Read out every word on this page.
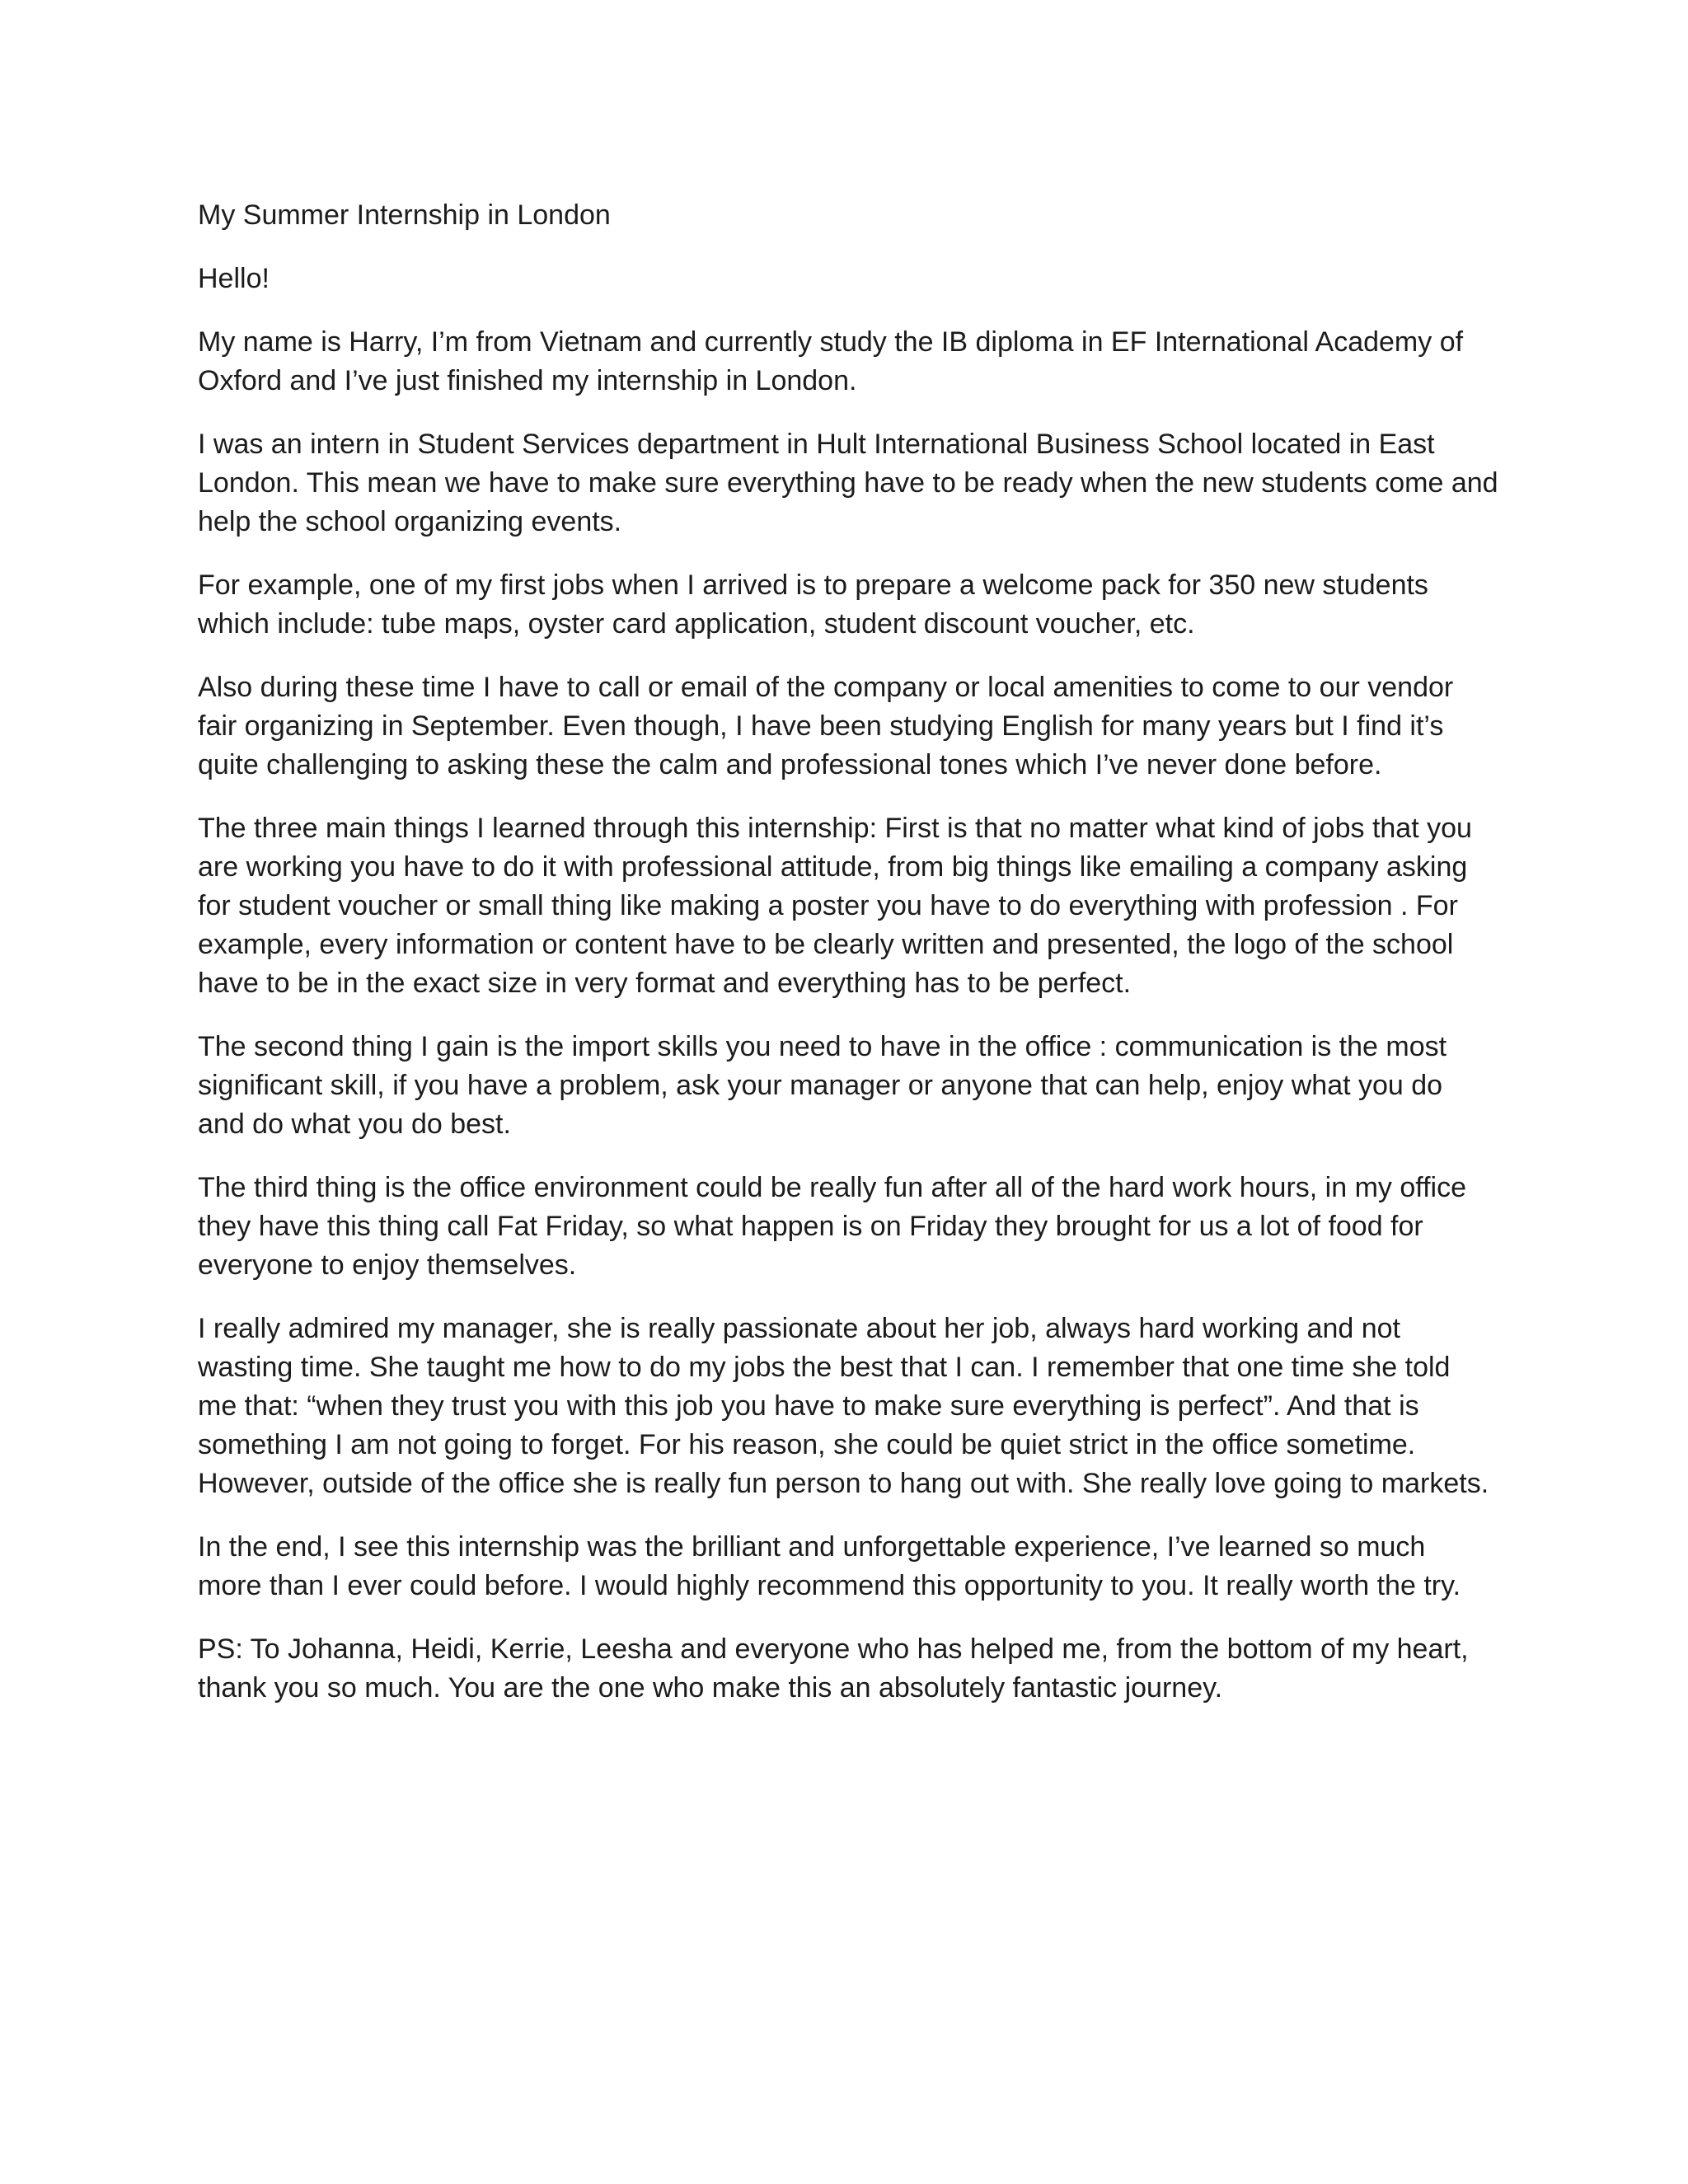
My Summer Internship in London

Hello!

My name is Harry, I’m from Vietnam and currently study the IB diploma in EF International Academy of
Oxford and I’ve just finished my internship in London.

I was an intern in Student Services department in Hult International Business School located in East
London. This mean we have to make sure everything have to be ready when the new students come and
help the school organizing events.

For example, one of my first jobs when I arrived is to prepare a welcome pack for 350 new students
which include: tube maps, oyster card application, student discount voucher, etc.

Also during these time I have to call or email of the company or local amenities to come to our vendor
fair organizing in September. Even though, I have been studying English for many years but I find it’s
quite challenging to asking these the calm and professional tones which I’ve never done before.

The three main things I learned through this internship: First is that no matter what kind of jobs that you
are working you have to do it with professional attitude, from big things like emailing a company asking
for student voucher or small thing like making a poster you have to do everything with profession . For
example, every information or content have to be clearly written and presented, the logo of the school
have to be in the exact size in very format and everything has to be perfect.

The second thing I gain is the import skills you need to have in the office : communication is the most
significant skill, if you have a problem, ask your manager or anyone that can help, enjoy what you do
and do what you do best.

The third thing is the office environment could be really fun after all of the hard work hours, in my office
they have this thing call Fat Friday, so what happen is on Friday they brought for us a lot of food for
everyone to enjoy themselves.

I really admired my manager, she is really passionate about her job, always hard working and not
wasting time. She taught me how to do my jobs the best that I can. I remember that one time she told
me that: “when they trust you with this job you have to make sure everything is perfect”. And that is
something I am not going to forget. For his reason, she could be quiet strict in the office sometime.
However, outside of the office she is really fun person to hang out with. She really love going to markets.

In the end, I see this internship was the brilliant and unforgettable experience, I’ve learned so much
more than I ever could before. I would highly recommend this opportunity to you. It really worth the try.

PS: To Johanna, Heidi, Kerrie, Leesha and everyone who has helped me, from the bottom of my heart,
thank you so much. You are the one who make this an absolutely fantastic journey.
